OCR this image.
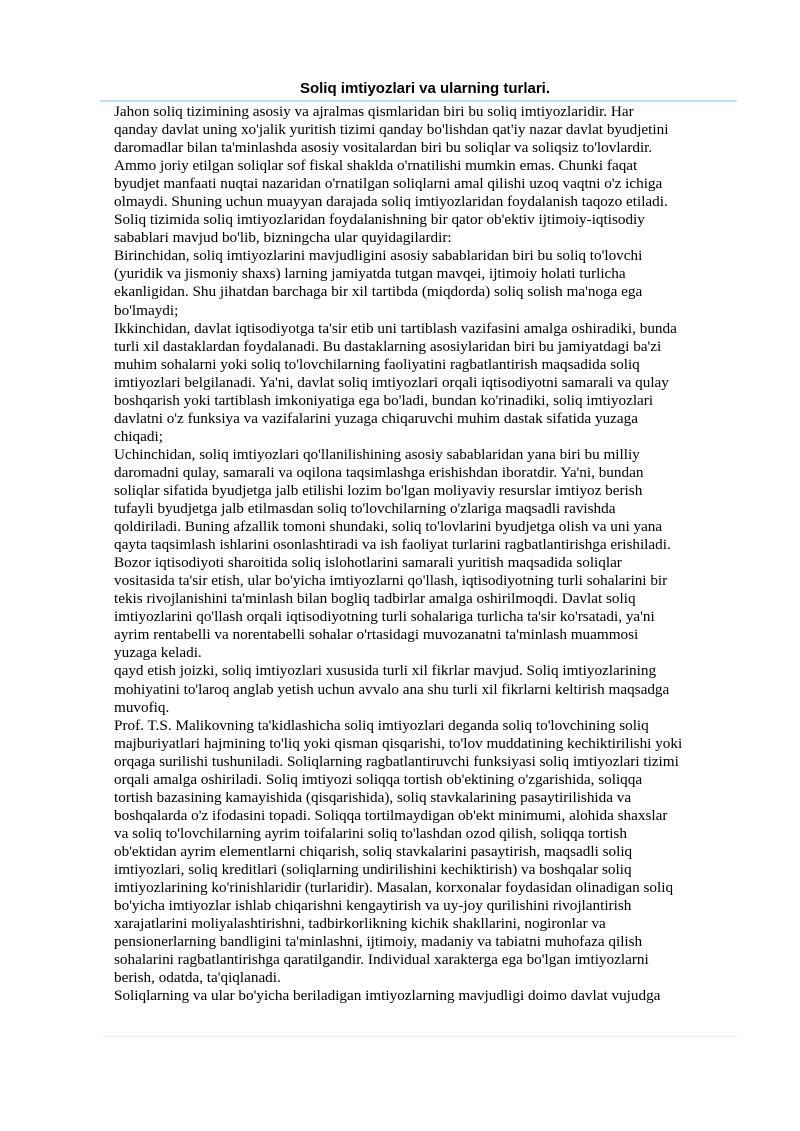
Soliq imtiyozlari va ularning turlari.

Jahon soliq tizimining asosiy va ajralmas qismlaridan biri bu soliq imtiyozlaridir. Har
qanday davlat uning xo'jalik yuritish tizimi qanday bo'lishdan qat'iy nazar davlat byudjetini
daromadlar bilan ta'minlashda asosiy vositalardan biri bu soliqlar va soliqsiz to'lovlardir.
Ammo joriy etilgan soliqlar sof fiskal shaklda o'rnatilishi mumkin emas. Chunki faqat
byudjet manfaati nuqtai nazaridan o'rnatilgan soliqlarni amal qilishi uzoq vaqtni o'z ichiga
olmaydi. Shuning uchun muayyan darajada soliq imtiyozlaridan foydalanish taqozo etiladi.

Soliq tizimida soliq imtiyozlaridan foydalanishning bir qator ob'ektiv ijtimoiy-iqtisodiy
sabablari mavjud bo'lib, bizningcha ular quyidagilardir:

Birinchidan, soliq imtiyozlarini mavjudligini asosiy sabablaridan biri bu soliq to'lovchi
(yuridik va jismoniy shaxs) larning jamiyatda tutgan mavqei, ijtimoiy holati turlicha
ekanligidan. Shu jihatdan barchaga bir xil tartibda (miqdorda) soliq solish ma'noga ega
bo'lmaydi;

Ikkinchidan, davlat iqtisodiyotga ta'sir etib uni tartiblash vazifasini amalga oshiradiki, bunda
turli xil dastaklardan foydalanadi. Bu dastaklarning asosiylaridan biri bu jamiyatdagi ba'zi
muhim sohalarni yoki soliq to'lovchilarning faoliyatini ragbatlantirish maqsadida soliq
imtiyozlari belgilanadi. Ya'ni, davlat soliq imtiyozlari orqali iqtisodiyotni samarali va qulay
boshqarish yoki tartiblash imkoniyatiga ega bo'ladi, bundan ko'rinadiki, soliq imtiyozlari
davlatni o'z funksiya va vazifalarini yuzaga chiqaruvchi muhim dastak sifatida yuzaga
chiqadi;

Uchinchidan, soliq imtiyozlari qo'llanilishining asosiy sabablaridan yana biri bu milliy
daromadni qulay, samarali va oqilona taqsimlashga erishishdan iboratdir. Ya'ni, bundan
soliqlar sifatida byudjetga jalb etilishi lozim bo'lgan moliyaviy resurslar imtiyoz berish
tufayli byudjetga jalb etilmasdan soliq to'lovchilarning o'zlariga maqsadli ravishda
qoldiriladi. Buning afzallik tomoni shundaki, soliq to'lovlarini byudjetga olish va uni yana
qayta taqsimlash ishlarini osonlashtiradi va ish faoliyat turlarini ragbatlantirishga erishiladi.

Bozor iqtisodiyoti sharoitida soliq islohotlarini samarali yuritish maqsadida soliqlar
vositasida ta'sir etish, ular bo'yicha imtiyozlarni qo'llash, iqtisodiyotning turli sohalarini bir
tekis rivojlanishini ta'minlash bilan bogliq tadbirlar amalga oshirilmoqdi. Davlat soliq
imtiyozlarini qo'llash orqali iqtisodiyotning turli sohalariga turlicha ta'sir ko'rsatadi, ya'ni
ayrim rentabelli va norentabelli sohalar o'rtasidagi muvozanatni ta'minlash muammosi
yuzaga keladi.

qayd etish joizki, soliq imtiyozlari xususida turli xil fikrlar mavjud. Soliq imtiyozlarining
mohiyatini to'laroq anglab yetish uchun avvalo ana shu turli xil fikrlarni keltirish maqsadga
muvofiq.

Prof. T.S. Malikovning ta'kidlashicha soliq imtiyozlari deganda soliq to'lovchining soliq
majburiyatlari hajmining to'liq yoki qisman qisqarishi, to'lov muddatining kechiktirilishi yoki
orqaga surilishi tushuniladi. Soliqlarning ragbatlantiruvchi funksiyasi soliq imtiyozlari tizimi
orqali amalga oshiriladi. Soliq imtiyozi soliqqa tortish ob'ektining o'zgarishida, soliqqa
tortish bazasining kamayishida (qisqarishida), soliq stavkalarining pasaytirilishida va
boshqalarda o'z ifodasini topadi. Soliqqa tortilmaydigan ob'ekt minimumi, alohida shaxslar
va soliq to'lovchilarning ayrim toifalarini soliq to'lashdan ozod qilish, soliqqa tortish
ob'ektidan ayrim elementlarni chiqarish, soliq stavkalarini pasaytirish, maqsadli soliq
imtiyozlari, soliq kreditlari (soliqlarning undirilishini kechiktirish) va boshqalar soliq
imtiyozlarining ko'rinishlaridir (turlaridir). Masalan, korxonalar foydasidan olinadigan soliq
bo'yicha imtiyozlar ishlab chiqarishni kengaytirish va uy-joy qurilishini rivojlantirish
xarajatlarini moliyalashtirishni, tadbirkorlikning kichik shakllarini, nogironlar va
pensionerlarning bandligini ta'minlashni, ijtimoiy, madaniy va tabiatni muhofaza qilish
sohalarini ragbatlantirishga qaratilgandir. Individual xarakterga ega bo'lgan imtiyozlarni
berish, odatda, ta'qiqlanadi.

Soliqlarning va ular bo'yicha beriladigan imtiyozlarning mavjudligi doimo davlat vujudga
